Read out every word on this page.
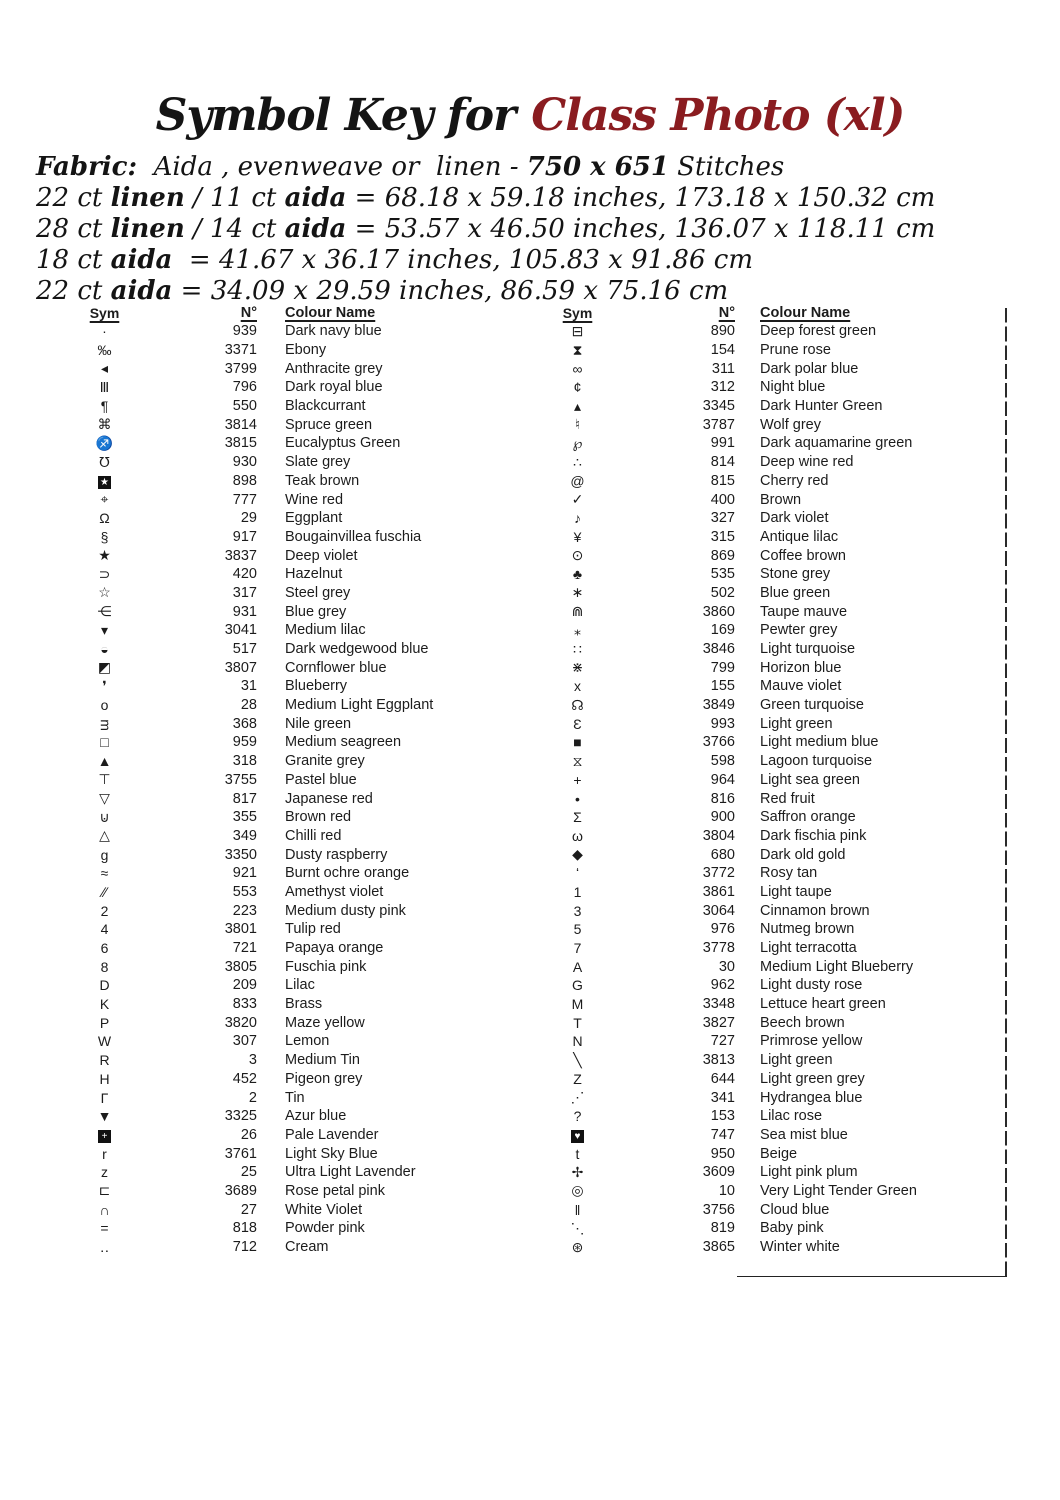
Symbol Key for Class Photo (xl)
Fabric:  Aida , evenweave or  linen - 750 x 651 Stitches
22 ct linen / 11 ct aida = 68.18 x 59.18 inches, 173.18 x 150.32 cm
28 ct linen / 14 ct aida = 53.57 x 46.50 inches, 136.07 x 118.11 cm
18 ct aida  = 41.67 x 36.17 inches, 105.83 x 91.86 cm
22 ct aida = 34.09 x 29.59 inches, 86.59 x 75.16 cm
Sym	N°	Colour Name
·	939	Dark navy blue
‰	3371	Ebony
◂	3799	Anthracite grey
Ⅲ	796	Dark royal blue
¶	550	Blackcurrant
⌘	3814	Spruce green
♐	3815	Eucalyptus Green
℧	930	Slate grey
★	898	Teak brown
⌖	777	Wine red
Ω	29	Eggplant
§	917	Bougainvillea fuschia
★	3837	Deep violet
⊃	420	Hazelnut
☆	317	Steel grey
⋲	931	Blue grey
▾	3041	Medium lilac
◒	517	Dark wedgewood blue
◩	3807	Cornflower blue
❜	31	Blueberry
o	28	Medium Light Eggplant
ᴟ	368	Nile green
□	959	Medium seagreen
▲	318	Granite grey
⊤	3755	Pastel blue
▽	817	Japanese red
⊍	355	Brown red
△	349	Chilli red
ɡ	3350	Dusty raspberry
≈	921	Burnt ochre orange
∕∕	553	Amethyst violet
2	223	Medium dusty pink
4	3801	Tulip red
6	721	Papaya orange
8	3805	Fuschia pink
D	209	Lilac
K	833	Brass
P	3820	Maze yellow
W	307	Lemon
R	3	Medium Tin
H	452	Pigeon grey
Γ	2	Tin
▼	3325	Azur blue
+	26	Pale Lavender
r	3761	Light Sky Blue
z	25	Ultra Light Lavender
⊏	3689	Rose petal pink
∩	27	White Violet
=	818	Powder pink
‥	712	Cream
Sym	N°	Colour Name
⊟	890	Deep forest green
⧗	154	Prune rose
∞	311	Dark polar blue
¢	312	Night blue
▴	3345	Dark Hunter Green
♮	3787	Wolf grey
℘	991	Dark aquamarine green
∴	814	Deep wine red
@	815	Cherry red
✓	400	Brown
♪	327	Dark violet
¥	315	Antique lilac
⊙	869	Coffee brown
♣	535	Stone grey
∗	502	Blue green
⋒	3860	Taupe mauve
⁎	169	Pewter grey
∷	3846	Light turquoise
⋇	799	Horizon blue
x	155	Mauve violet
☊	3849	Green turquoise
Ɛ	993	Light green
■	3766	Light medium blue
⧖	598	Lagoon turquoise
+	964	Light sea green
•	816	Red fruit
Σ	900	Saffron orange
ω	3804	Dark fischia pink
◆	680	Dark old gold
ʻ	3772	Rosy tan
1	3861	Light taupe
3	3064	Cinnamon brown
5	976	Nutmeg brown
7	3778	Light terracotta
A	30	Medium Light Blueberry
G	962	Light dusty rose
M	3348	Lettuce heart green
T	3827	Beech brown
N	727	Primrose yellow
╲	3813	Light green
Z	644	Light green grey
⋰	341	Hydrangea blue
?	153	Lilac rose
♥	747	Sea mist blue
t	950	Beige
✢	3609	Light pink plum
◎	10	Very Light Tender Green
‖	3756	Cloud blue
⋱	819	Baby pink
⊛	3865	Winter white
